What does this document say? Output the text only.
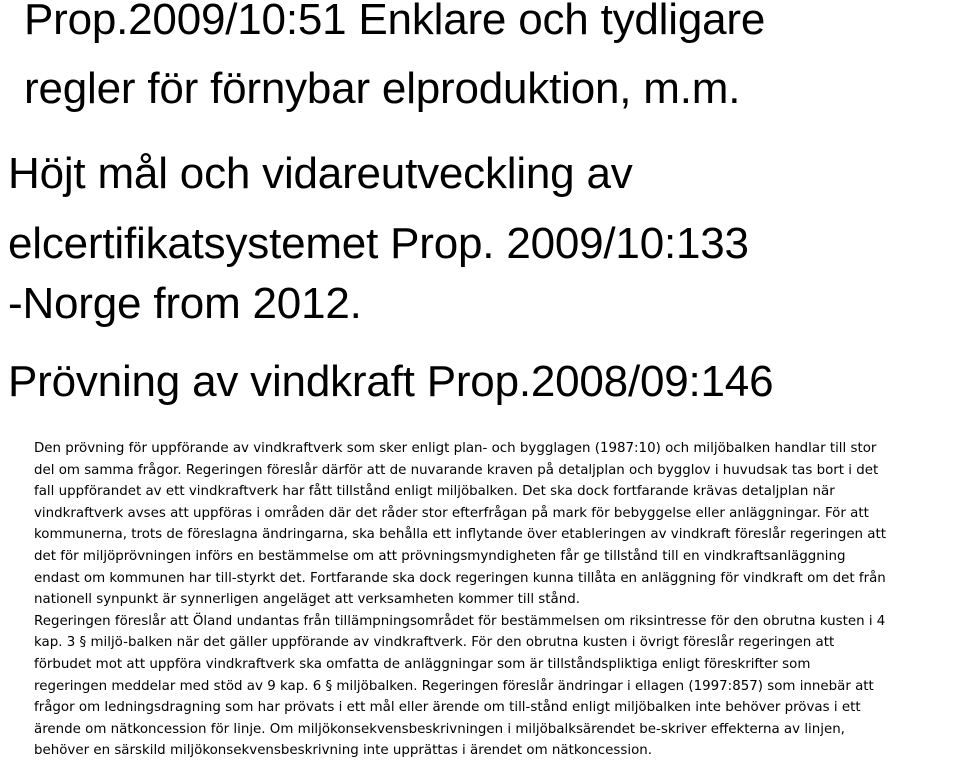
Prop.2009/10:51 Enklare och tydligare
regler för förnybar elproduktion, m.m.
Höjt mål och vidareutveckling av
elcertifikatsystemet Prop. 2009/10:133
-Norge from 2012.
Prövning av vindkraft Prop.2008/09:146
Den prövning för uppförande av vindkraftverk som sker enligt plan- och bygglagen (1987:10) och miljöbalken handlar till stor
del om samma frågor. Regeringen föreslår därför att de nuvarande kraven på detaljplan och bygglov i huvudsak tas bort i det
fall uppförandet av ett vindkraftverk har fått tillstånd enligt miljöbalken. Det ska dock fortfarande krävas detaljplan när
vindkraftverk avses att uppföras i områden där det råder stor efterfrågan på mark för bebyggelse eller anläggningar. För att
kommunerna, trots de föreslagna ändringarna, ska behålla ett inflytande över etableringen av vindkraft föreslår regeringen att
det för miljöprövningen införs en bestämmelse om att prövningsmyndigheten får ge tillstånd till en vindkraftsanläggning
endast om kommunen har till-styrkt det. Fortfarande ska dock regeringen kunna tillåta en anläggning för vindkraft om det från
nationell synpunkt är synnerligen angeläget att verksamheten kommer till stånd.
Regeringen föreslår att Öland undantas från tillämpningsområdet för bestämmelsen om riksintresse för den obrutna kusten i 4
kap. 3 § miljö-balken när det gäller uppförande av vindkraftverk. För den obrutna kusten i övrigt föreslår regeringen att
förbudet mot att uppföra vindkraftverk ska omfatta de anläggningar som är tillståndspliktiga enligt föreskrifter som
regeringen meddelar med stöd av 9 kap. 6 § miljöbalken. Regeringen föreslår ändringar i ellagen (1997:857) som innebär att
frågor om ledningsdragning som har prövats i ett mål eller ärende om till-stånd enligt miljöbalken inte behöver prövas i ett
ärende om nätkoncession för linje. Om miljökonsekvensbeskrivningen i miljöbalksärendet be-skriver effekterna av linjen,
behöver en särskild miljökonsekvensbeskrivning inte upprättas i ärendet om nätkoncession.
